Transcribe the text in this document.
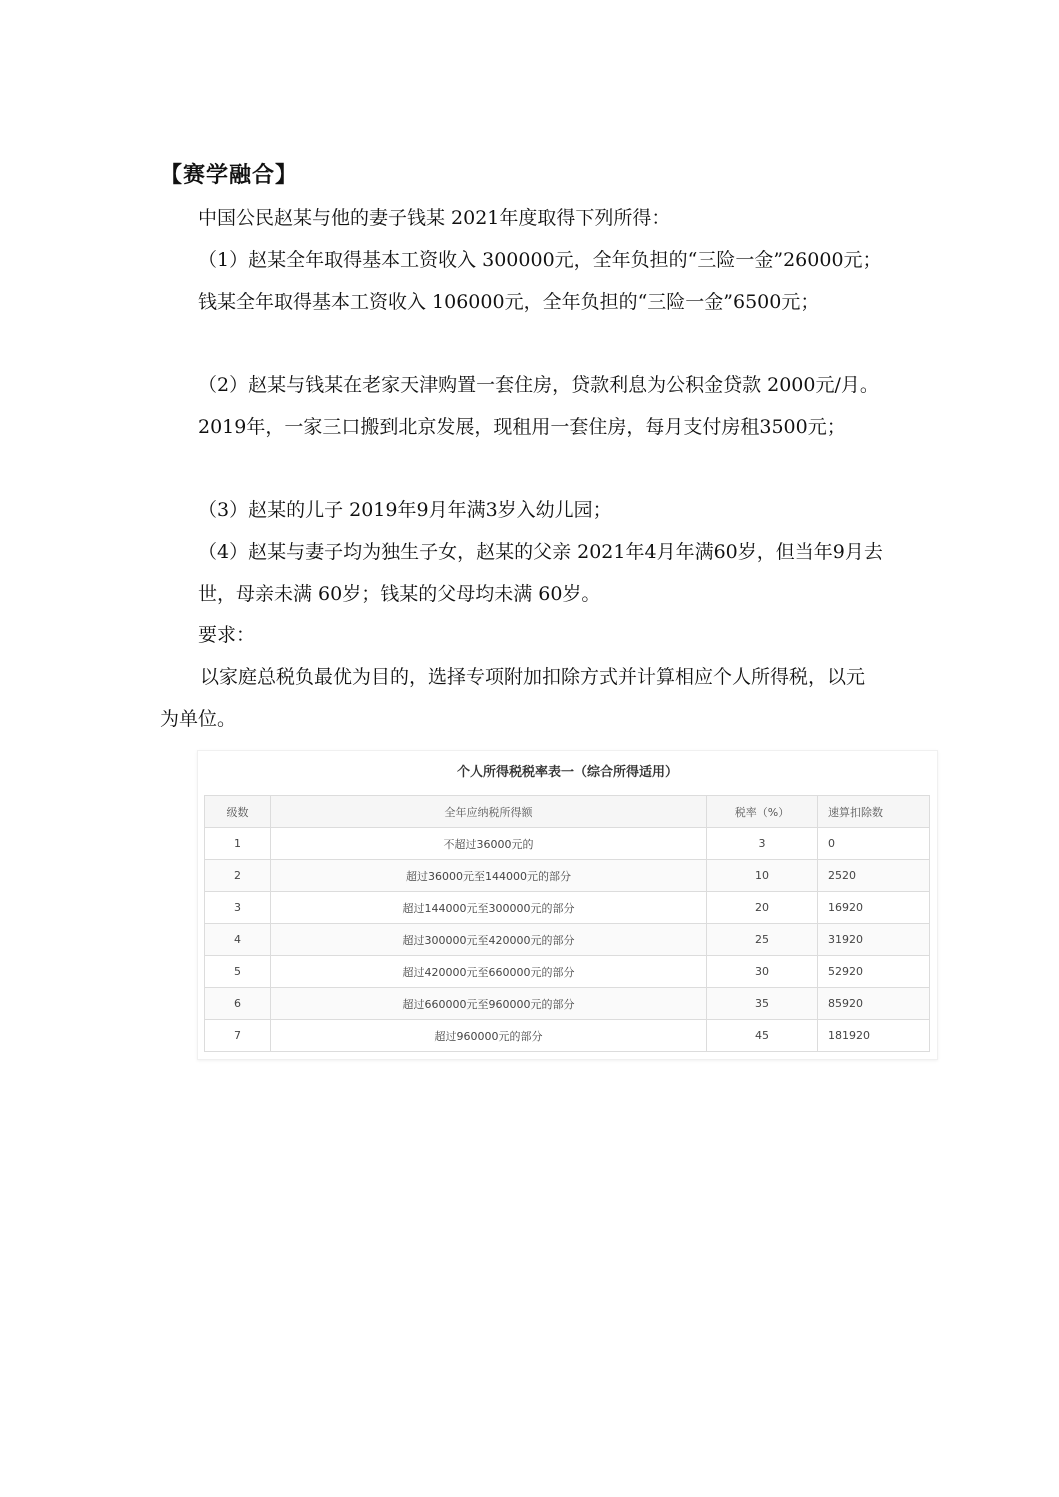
【赛学融合】

中国公民赵某与他的妻子钱某 2021年度取得下列所得：

（1）赵某全年取得基本工资收入 300000元，全年负担的“三险一金”26000元；钱某全年取得基本工资收入 106000元，全年负担的“三险一金”6500元；

（2）赵某与钱某在老家天津购置一套住房，贷款利息为公积金贷款 2000元/月。2019年，一家三口搬到北京发展，现租用一套住房，每月支付房租3500元；

（3）赵某的儿子 2019年9月年满3岁入幼儿园；

（4）赵某与妻子均为独生子女，赵某的父亲 2021年4月年满60岁，但当年9月去世，母亲未满 60岁；钱某的父母均未满 60岁。

要求：

以家庭总税负最优为目的，选择专项附加扣除方式并计算相应个人所得税，以元为单位。

个人所得税税率表一（综合所得适用）
级数	全年应纳税所得额	税率（%）	速算扣除数
1	不超过36000元的	3	0
2	超过36000元至144000元的部分	10	2520
3	超过144000元至300000元的部分	20	16920
4	超过300000元至420000元的部分	25	31920
5	超过420000元至660000元的部分	30	52920
6	超过660000元至960000元的部分	35	85920
7	超过960000元的部分	45	181920
